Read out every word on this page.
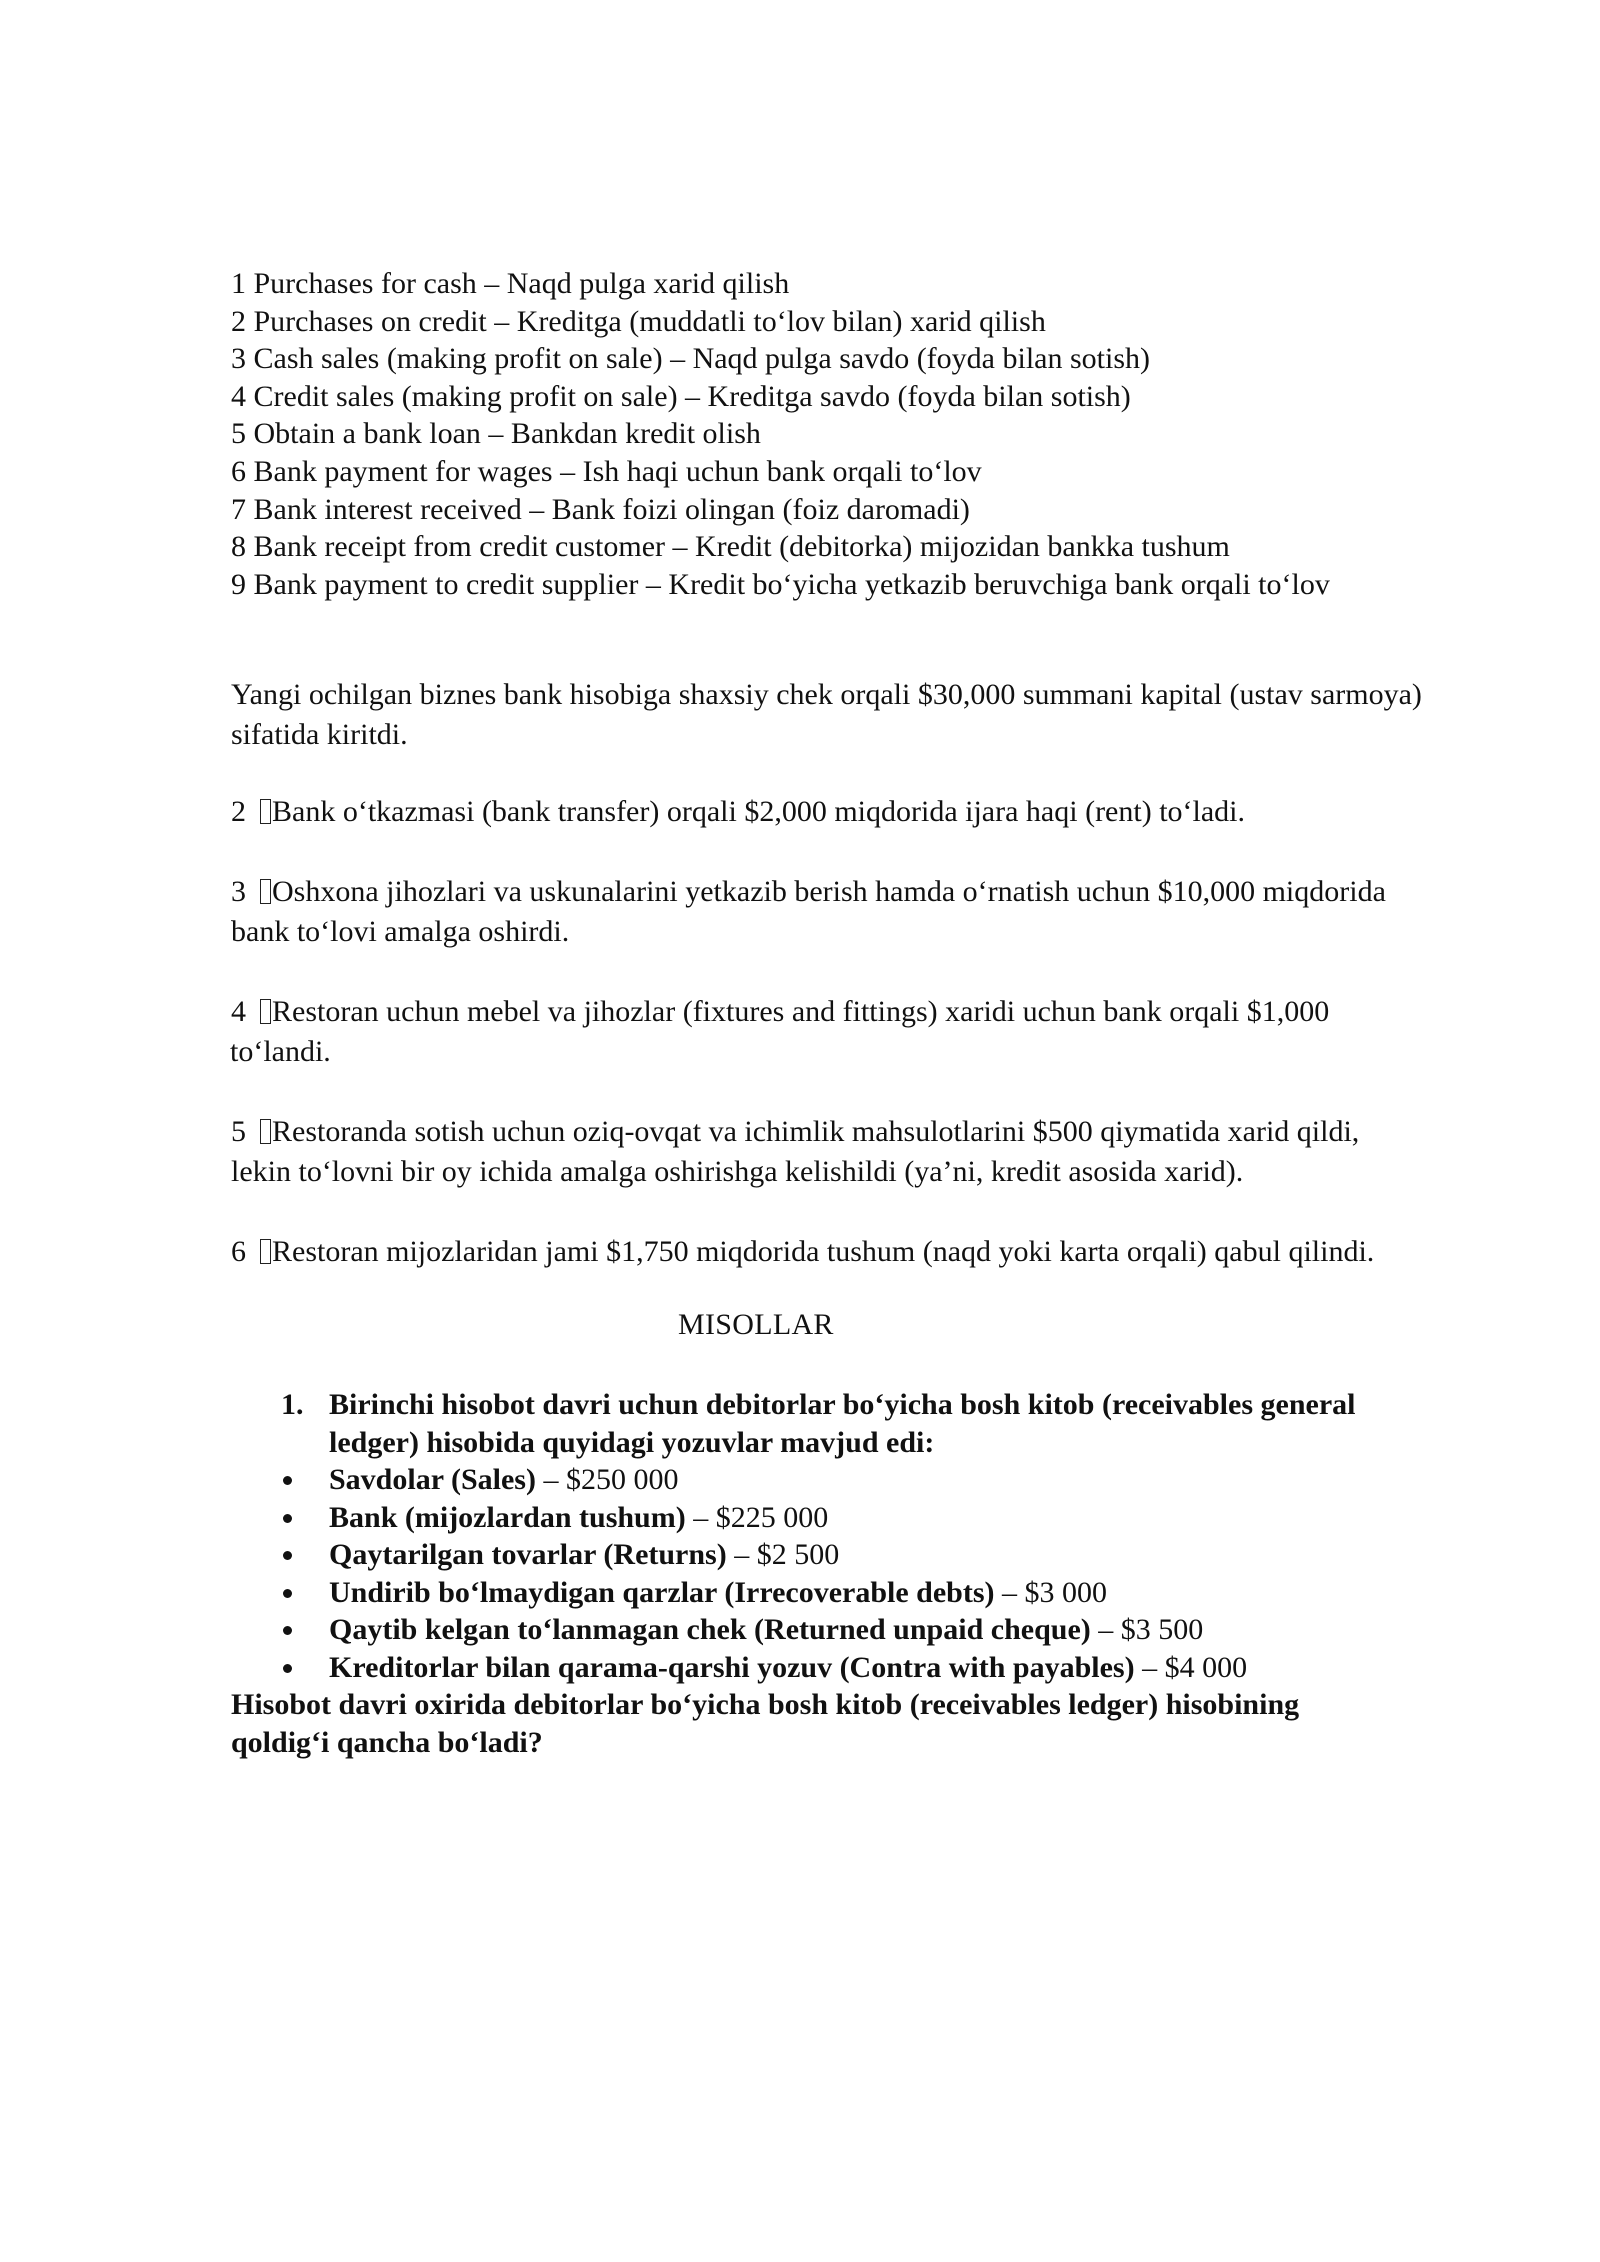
1 Purchases for cash – Naqd pulga xarid qilish
2 Purchases on credit – Kreditga (muddatli to‘lov bilan) xarid qilish
3 Cash sales (making profit on sale) – Naqd pulga savdo (foyda bilan sotish)
4 Credit sales (making profit on sale) – Kreditga savdo (foyda bilan sotish)
5 Obtain a bank loan – Bankdan kredit olish
6 Bank payment for wages – Ish haqi uchun bank orqali to‘lov
7 Bank interest received – Bank foizi olingan (foiz daromadi)
8 Bank receipt from credit customer – Kredit (debitorka) mijozidan bankka tushum
9 Bank payment to credit supplier – Kredit bo‘yicha yetkazib beruvchiga bank orqali to‘lov
Yangi ochilgan biznes bank hisobiga shaxsiy chek orqali $30,000 summani kapital (ustav sarmoya) sifatida kiritdi.
2 Bank o‘tkazmasi (bank transfer) orqali $2,000 miqdorida ijara haqi (rent) to‘ladi.
3 Oshxona jihozlari va uskunalarini yetkazib berish hamda o‘rnatish uchun $10,000 miqdorida
bank to‘lovi amalga oshirdi.
4 Restoran uchun mebel va jihozlar (fixtures and fittings) xaridi uchun bank orqali $1,000
to‘landi.
5 Restoranda sotish uchun oziq-ovqat va ichimlik mahsulotlarini $500 qiymatida xarid qildi,
lekin to‘lovni bir oy ichida amalga oshirishga kelishildi (ya’ni, kredit asosida xarid).
6 Restoran mijozlaridan jami $1,750 miqdorida tushum (naqd yoki karta orqali) qabul qilindi.
MISOLLAR
1. Birinchi hisobot davri uchun debitorlar bo‘yicha bosh kitob (receivables general
ledger) hisobida quyidagi yozuvlar mavjud edi:
Savdolar (Sales) – $250 000
Bank (mijozlardan tushum) – $225 000
Qaytarilgan tovarlar (Returns) – $2 500
Undirib bo‘lmaydigan qarzlar (Irrecoverable debts) – $3 000
Qaytib kelgan to‘lanmagan chek (Returned unpaid cheque) – $3 500
Kreditorlar bilan qarama-qarshi yozuv (Contra with payables) – $4 000
Hisobot davri oxirida debitorlar bo‘yicha bosh kitob (receivables ledger) hisobining
qoldig‘i qancha bo‘ladi?
